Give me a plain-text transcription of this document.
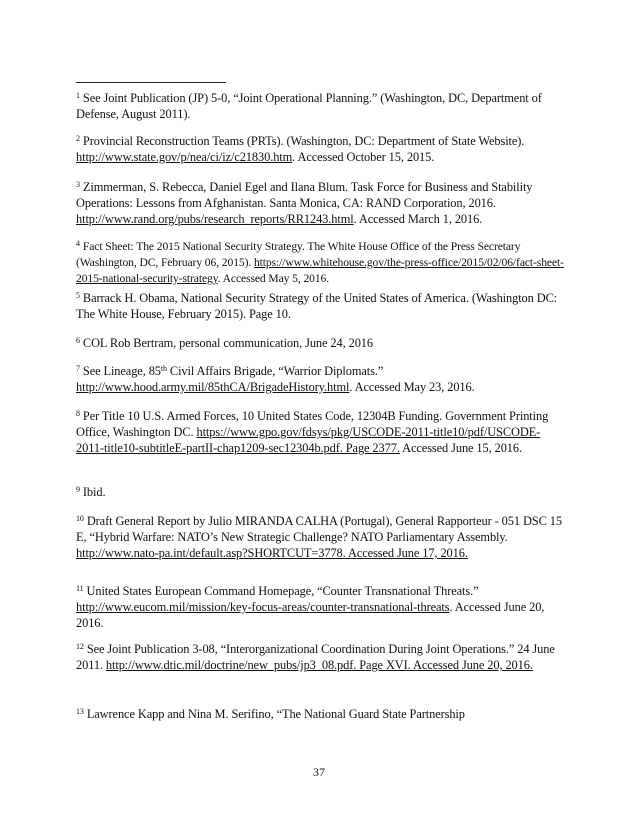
$^1$ See Joint Publication (JP) 5-0, “Joint Operational Planning.” (Washington, DC, Department of Defense, August 2011).
$^2$ Provincial Reconstruction Teams (PRTs). (Washington, DC: Department of State Website). http://www.state.gov/p/nea/ci/iz/c21830.htm. Accessed October 15, 2015.
$^3$ Zimmerman, S. Rebecca, Daniel Egel and Ilana Blum. Task Force for Business and Stability Operations: Lessons from Afghanistan. Santa Monica, CA: RAND Corporation, 2016. http://www.rand.org/pubs/research_reports/RR1243.html. Accessed March 1, 2016.
$^4$ Fact Sheet: The 2015 National Security Strategy. The White House Office of the Press Secretary (Washington, DC, February 06, 2015). https://www.whitehouse.gov/the-press-office/2015/02/06/fact-sheet-2015-national-security-strategy. Accessed May 5, 2016.
$^5$ Barrack H. Obama, National Security Strategy of the United States of America. (Washington DC: The White House, February 2015). Page 10.
$^6$ COL Rob Bertram, personal communication, June 24, 2016
$^7$ See Lineage, 85th Civil Affairs Brigade, “Warrior Diplomats.” http://www.hood.army.mil/85thCA/BrigadeHistory.html. Accessed May 23, 2016.
$^8$ Per Title 10 U.S. Armed Forces, 10 United States Code, 12304B Funding. Government Printing Office, Washington DC. https://www.gpo.gov/fdsys/pkg/USCODE-2011-title10/pdf/USCODE-2011-title10-subtitleE-partII-chap1209-sec12304b.pdf. Page 2377. Accessed June 15, 2016.
$^9$ Ibid.
$^{10}$ Draft General Report by Julio MIRANDA CALHA (Portugal), General Rapporteur - 051 DSC 15 E, “Hybrid Warfare: NATO’s New Strategic Challenge? NATO Parliamentary Assembly. http://www.nato-pa.int/default.asp?SHORTCUT=3778. Accessed June 17, 2016.
$^{11}$ United States European Command Homepage, “Counter Transnational Threats.” http://www.eucom.mil/mission/key-focus-areas/counter-transnational-threats. Accessed June 20, 2016.
$^{12}$ See Joint Publication 3-08, “Interorganizational Coordination During Joint Operations.” 24 June 2011. http://www.dtic.mil/doctrine/new_pubs/jp3_08.pdf. Page XVI. Accessed June 20, 2016.
$^{13}$ Lawrence Kapp and Nina M. Serifino, “The National Guard State Partnership
37
